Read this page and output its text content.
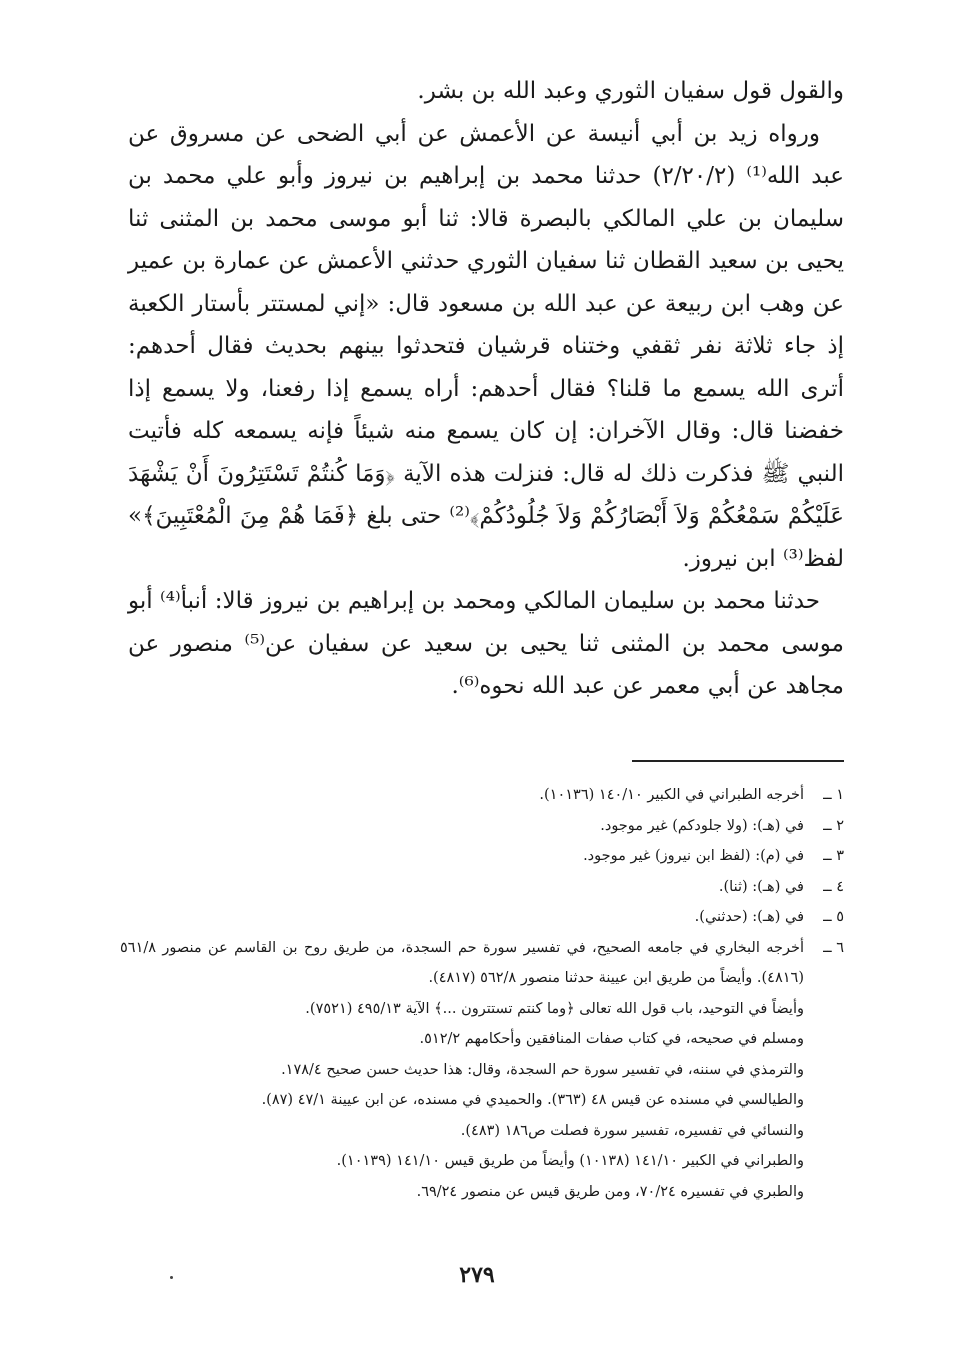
والقول قول سفيان الثوري وعبد الله بن بشر.

ورواه زيد بن أبي أنيسة عن الأعمش عن أبي الضحى عن مسروق عن عبد الله⁽¹⁾ (٢/٢٠/٢) حدثنا محمد بن إبراهيم بن نيروز وأبو علي محمد بن سليمان بن علي المالكي بالبصرة قالا: ثنا أبو موسى محمد بن المثنى ثنا يحيى بن سعيد القطان ثنا سفيان الثوري حدثني الأعمش عن عمارة بن عمير عن وهب ابن ربيعة عن عبد الله بن مسعود قال: «إني لمستتر بأستار الكعبة إذ جاء ثلاثة نفر ثقفي وختناه قرشيان فتحدثوا بينهم بحديث فقال أحدهم: أترى الله يسمع ما قلنا؟ فقال أحدهم: أراه يسمع إذا رفعنا، ولا يسمع إذا خفضنا قال: وقال الآخران: إن كان يسمع منه شيئاً فإنه يسمعه كله فأتيت النبي ﷺ فذكرت ذلك له قال: فنزلت هذه الآية ﴿وَمَا كُنتُمْ تَسْتَتِرُونَ أَنْ يَشْهَدَ عَلَيْكُمْ سَمْعُكُمْ وَلاَ أَبْصَارُكُمْ وَلاَ جُلُودُكُمْ﴾⁽²⁾ حتى بلغ ﴿فَمَا هُمْ مِنَ الْمُعْتَبِينَ﴾» لفظ⁽³⁾ ابن نيروز.

حدثنا محمد بن سليمان المالكي ومحمد بن إبراهيم بن نيروز قالا: أنبأ⁽⁴⁾ أبو موسى محمد بن المثنى ثنا يحيى بن سعيد عن سفيان عن⁽⁵⁾ منصور عن مجاهد عن أبي معمر عن عبد الله نحوه⁽⁶⁾.

١ ــ
أخرجه الطبراني في الكبير ١٤٠/١٠ (١٠١٣٦).
٢ ــ
في (هـ): (ولا جلودكم) غير موجود.
٣ ــ
في (م): (لفظ ابن نيروز) غير موجود.
٤ ــ
في (هـ): (ثنا).
٥ ــ
في (هـ): (حدثني).
٦ ــ
أخرجه البخاري في جامعه الصحيح، في تفسير سورة حم السجدة، من طريق روح بن القاسم عن منصور ٥٦١/٨ (٤٨١٦). وأيضاً من طريق ابن عيينة حدثنا منصور ٥٦٢/٨ (٤٨١٧).
وأيضاً في التوحيد، باب قول الله تعالى ﴿وما كنتم تستترون ...﴾ الآية ٤٩٥/١٣ (٧٥٢١).
ومسلم في صحيحه، في كتاب صفات المنافقين وأحكامهم ٥١٢/٢.
والترمذي في سننه، في تفسير سورة حم السجدة، وقال: هذا حديث حسن صحيح ١٧٨/٤.
والطيالسي في مسنده عن قيس ٤٨ (٣٦٣). والحميدي في مسنده، عن ابن عيينة ٤٧/١ (٨٧).
والنسائي في تفسيره، تفسير سورة فصلت ص١٨٦ (٤٨٣).
والطبراني في الكبير ١٤١/١٠ (١٠١٣٨) وأيضاً من طريق قيس ١٤١/١٠ (١٠١٣٩).
والطبري في تفسيره ٧٠/٢٤، ومن طريق قيس عن منصور ٦٩/٢٤.
٢٧٩
